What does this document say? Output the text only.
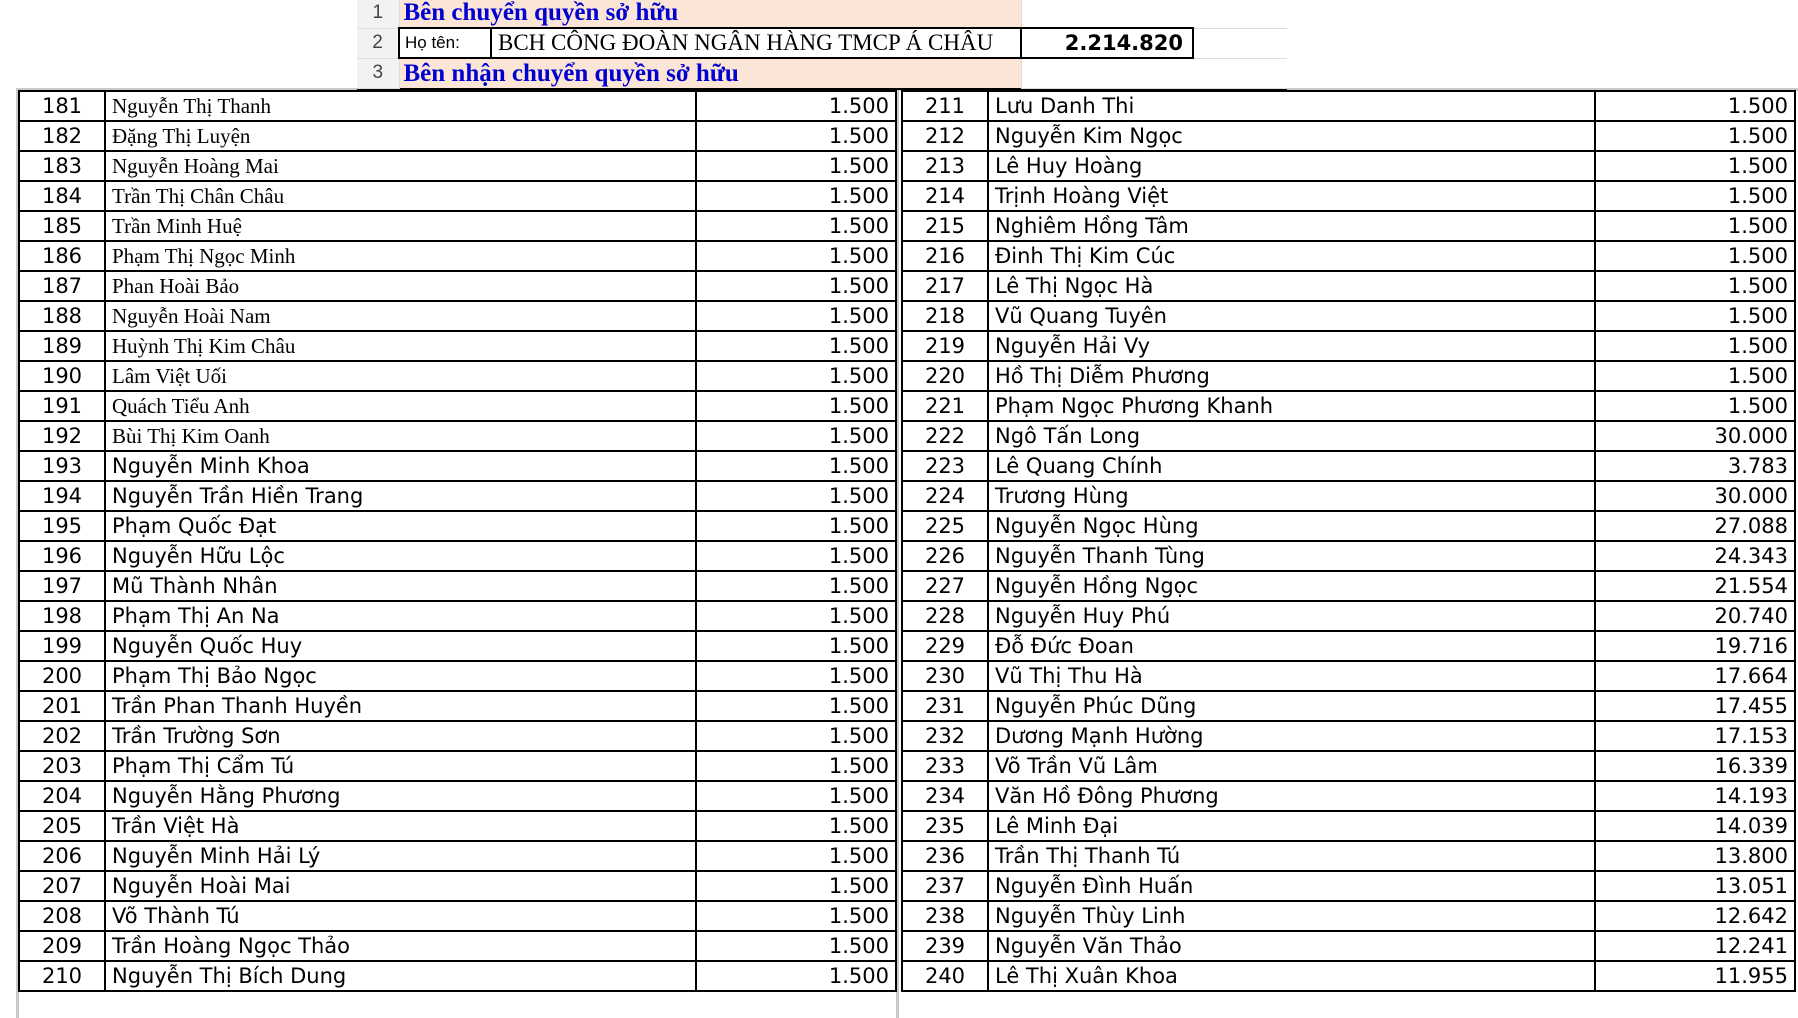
181	Nguyễn Thị Thanh	1.500
182	Đặng Thị Luyện	1.500
183	Nguyễn Hoàng Mai	1.500
184	Trần Thị Chân Châu	1.500
185	Trần Minh Huệ	1.500
186	Phạm Thị Ngọc Minh	1.500
187	Phan Hoài Bảo	1.500
188	Nguyễn Hoài Nam	1.500
189	Huỳnh Thị Kim Châu	1.500
190	Lâm Việt Uối	1.500
191	Quách Tiểu Anh	1.500
192	Bùi Thị Kim Oanh	1.500
193	Nguyễn Minh Khoa	1.500
194	Nguyễn Trần Hiền Trang	1.500
195	Phạm Quốc Đạt	1.500
196	Nguyễn Hữu Lộc	1.500
197	Mũ Thành Nhân	1.500
198	Phạm Thị An Na	1.500
199	Nguyễn Quốc Huy	1.500
200	Phạm Thị Bảo Ngọc	1.500
201	Trần Phan Thanh Huyền	1.500
202	Trần Trường Sơn	1.500
203	Phạm Thị Cẩm Tú	1.500
204	Nguyễn Hằng Phương	1.500
205	Trần Việt Hà	1.500
206	Nguyễn Minh Hải Lý	1.500
207	Nguyễn Hoài Mai	1.500
208	Võ Thành Tú	1.500
209	Trần Hoàng Ngọc Thảo	1.500
210	Nguyễn Thị Bích Dung	1.500
211	Lưu Danh Thi	1.500
212	Nguyễn Kim Ngọc	1.500
213	Lê Huy Hoàng	1.500
214	Trịnh Hoàng Việt	1.500
215	Nghiêm Hồng Tâm	1.500
216	Đinh Thị Kim Cúc	1.500
217	Lê Thị Ngọc Hà	1.500
218	Vũ Quang Tuyên	1.500
219	Nguyễn Hải Vy	1.500
220	Hồ Thị Diễm Phương	1.500
221	Phạm Ngọc Phương Khanh	1.500
222	Ngô Tấn Long	30.000
223	Lê Quang Chính	3.783
224	Trương Hùng	30.000
225	Nguyễn Ngọc Hùng	27.088
226	Nguyễn Thanh Tùng	24.343
227	Nguyễn Hồng Ngọc	21.554
228	Nguyễn Huy Phú	20.740
229	Đỗ Đức Đoan	19.716
230	Vũ Thị Thu Hà	17.664
231	Nguyễn Phúc Dũng	17.455
232	Dương Mạnh Hường	17.153
233	Võ Trần Vũ Lâm	16.339
234	Văn Hồ Đông Phương	14.193
235	Lê Minh Đại	14.039
236	Trần Thị Thanh Tú	13.800
237	Nguyễn Đình Huấn	13.051
238	Nguyễn Thùy Linh	12.642
239	Nguyễn Văn Thảo	12.241
240	Lê Thị Xuân Khoa	11.955
1	Bên chuyển quyền sở hữu			
2	Họ tên:	BCH CÔNG ĐOÀN NGÂN HÀNG TMCP Á CHÂU	2.214.820	
3	Bên nhận chuyển quyền sở hữu			
